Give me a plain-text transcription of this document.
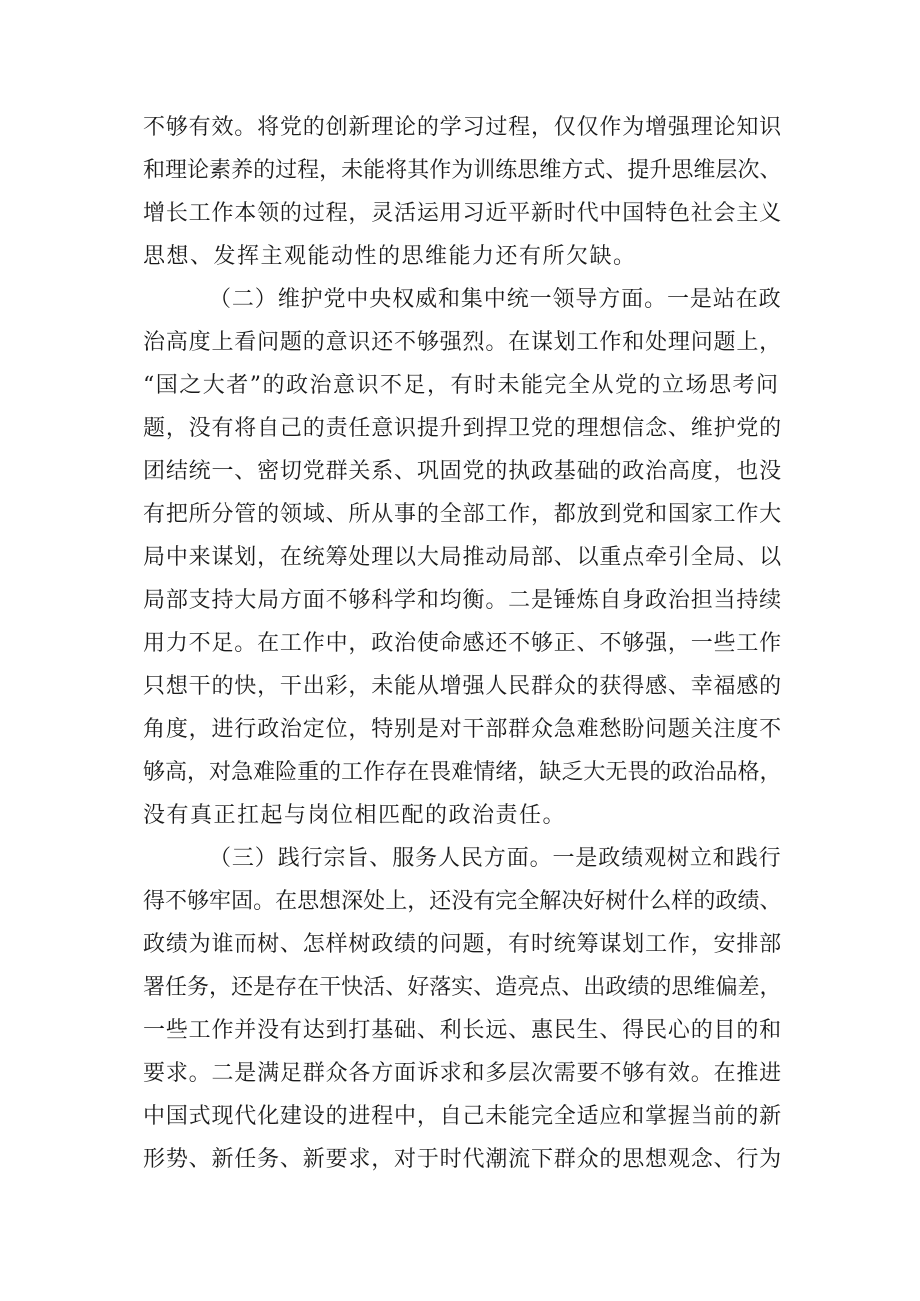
不够有效。将党的创新理论的学习过程，仅仅作为增强理论知识

和理论素养的过程，未能将其作为训练思维方式、提升思维层次、

增长工作本领的过程，灵活运用习近平新时代中国特色社会主义

思想、发挥主观能动性的思维能力还有所欠缺。

（二）维护党中央权威和集中统一领导方面。一是站在政

治高度上看问题的意识还不够强烈。在谋划工作和处理问题上，

“国之大者”的政治意识不足，有时未能完全从党的立场思考问

题，没有将自己的责任意识提升到捍卫党的理想信念、维护党的

团结统一、密切党群关系、巩固党的执政基础的政治高度，也没

有把所分管的领域、所从事的全部工作，都放到党和国家工作大

局中来谋划，在统筹处理以大局推动局部、以重点牵引全局、以

局部支持大局方面不够科学和均衡。二是锤炼自身政治担当持续

用力不足。在工作中，政治使命感还不够正、不够强，一些工作

只想干的快，干出彩，未能从增强人民群众的获得感、幸福感的

角度，进行政治定位，特别是对干部群众急难愁盼问题关注度不

够高，对急难险重的工作存在畏难情绪，缺乏大无畏的政治品格，

没有真正扛起与岗位相匹配的政治责任。

（三）践行宗旨、服务人民方面。一是政绩观树立和践行

得不够牢固。在思想深处上，还没有完全解决好树什么样的政绩、

政绩为谁而树、怎样树政绩的问题，有时统筹谋划工作，安排部

署任务，还是存在干快活、好落实、造亮点、出政绩的思维偏差，

一些工作并没有达到打基础、利长远、惠民生、得民心的目的和

要求。二是满足群众各方面诉求和多层次需要不够有效。在推进

中国式现代化建设的进程中，自己未能完全适应和掌握当前的新

形势、新任务、新要求，对于时代潮流下群众的思想观念、行为
